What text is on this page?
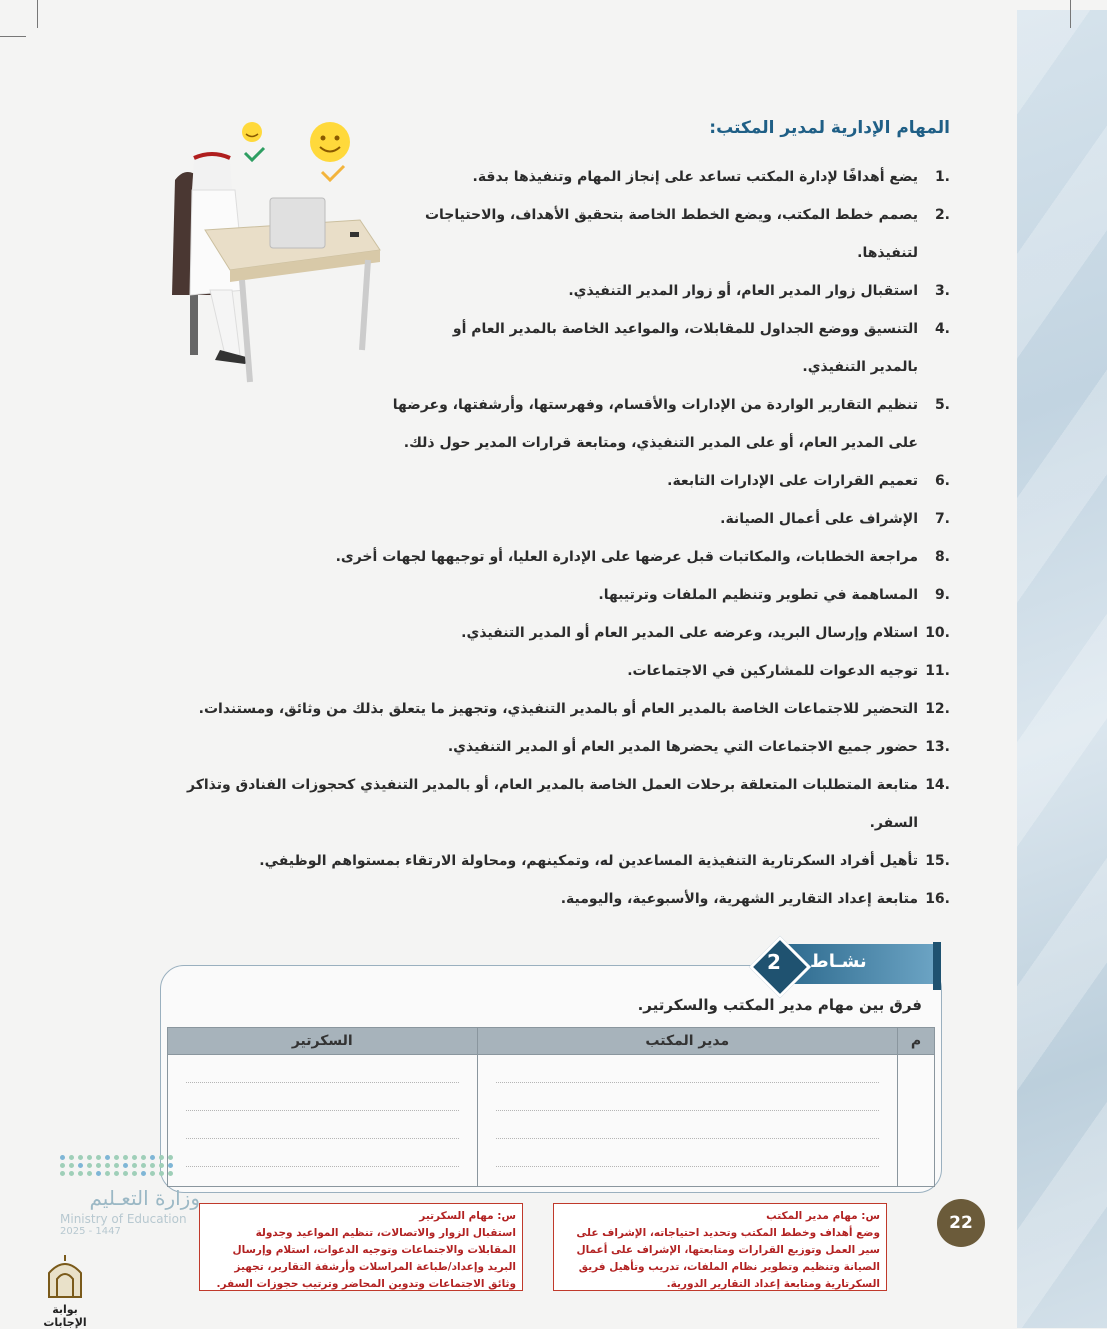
المهام الإدارية لمدير المكتب:
1.
يضع أهدافًا لإدارة المكتب تساعد على إنجاز المهام وتنفيذها بدقة.
2.
يصمم خطط المكتب، ويضع الخطط الخاصة بتحقيق الأهداف، والاحتياجات
لتنفيذها.
3.
استقبال زوار المدير العام، أو زوار المدير التنفيذي.
4.
التنسيق ووضع الجداول للمقابلات، والمواعيد الخاصة بالمدير العام أو
بالمدير التنفيذي.
5.
تنظيم التقارير الواردة من الإدارات والأقسام، وفهرستها، وأرشفتها، وعرضها
على المدير العام، أو على المدير التنفيذي، ومتابعة قرارات المدير حول ذلك.
6.
تعميم القرارات على الإدارات التابعة.
7.
الإشراف على أعمال الصيانة.
8.
مراجعة الخطابات، والمكاتبات قبل عرضها على الإدارة العليا، أو توجيهها لجهات أخرى.
9.
المساهمة في تطوير وتنظيم الملفات وترتيبها.
10.
استلام وإرسال البريد، وعرضه على المدير العام أو المدير التنفيذي.
11.
توجيه الدعوات للمشاركين في الاجتماعات.
12.
التحضير للاجتماعات الخاصة بالمدير العام أو بالمدير التنفيذي، وتجهيز ما يتعلق بذلك من وثائق، ومستندات.
13.
حضور جميع الاجتماعات التي يحضرها المدير العام أو المدير التنفيذي.
14.
متابعة المتطلبات المتعلقة برحلات العمل الخاصة بالمدير العام، أو بالمدير التنفيذي كحجوزات الفنادق وتذاكر السفر.
15.
تأهيل أفراد السكرتارية التنفيذية المساعدين له، وتمكينهم، ومحاولة الارتقاء بمستواهم الوظيفي.
16.
متابعة إعداد التقارير الشهرية، والأسبوعية، واليومية.
نشـاط
2
فرق بين مهام مدير المكتب والسكرتير.
م	مدير المكتب	السكرتير

س: مهام مدير المكتب
وضع أهداف وخطط المكتب وتحديد احتياجاته، الإشراف على سير العمل وتوزيع القرارات ومتابعتها، الإشراف على أعمال الصيانة وتنظيم وتطوير نظام الملفات، تدريب وتأهيل فريق السكرتارية ومتابعة إعداد التقارير الدورية.
س: مهام السكرتير
استقبال الزوار والاتصالات، تنظيم المواعيد وجدولة المقابلات والاجتماعات وتوجيه الدعوات، استلام وإرسال البريد وإعداد/طباعة المراسلات وأرشفة التقارير، تجهيز وثائق الاجتماعات وتدوين المحاضر وترتيب حجوزات السفر.
22
وزارة التعـليم
Ministry of Education
2025 - 1447
بوابة الإجابات
